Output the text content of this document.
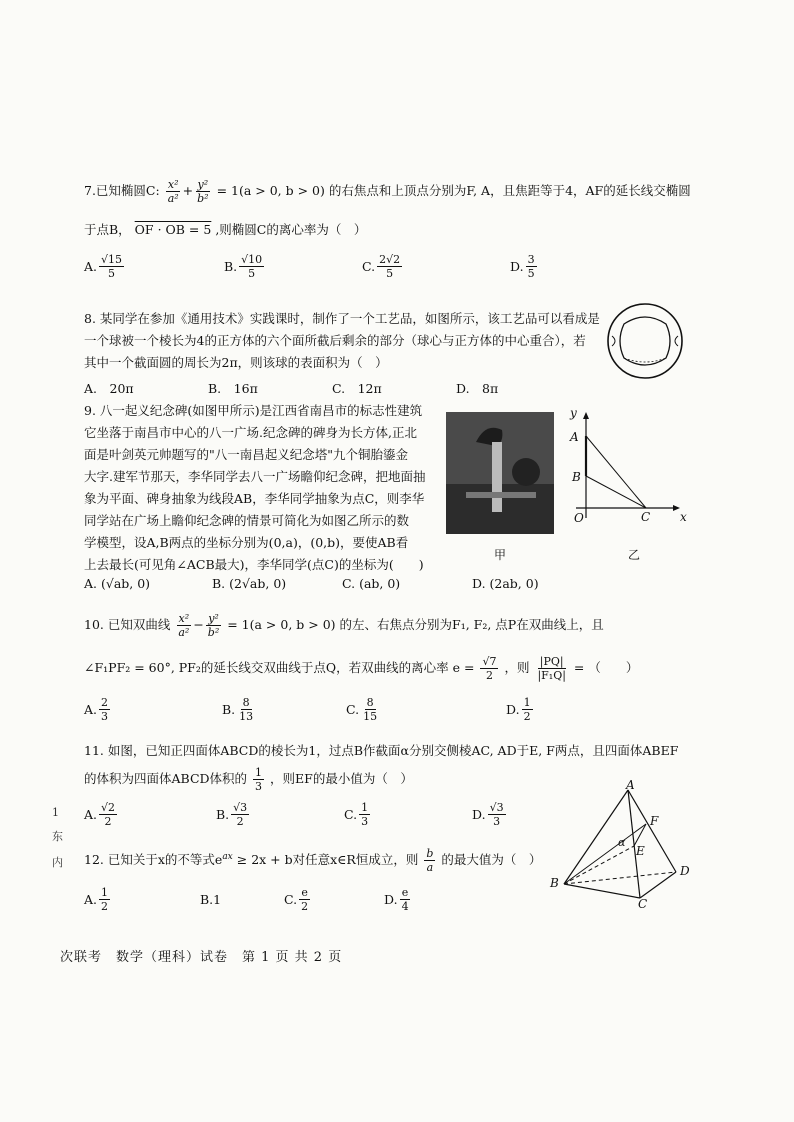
7.已知椭圆C: $\frac{\text{x²}}{\text{a²}} + \frac{\text{y²}}{\text{b²}} = 1(a > 0$, b > 0) 的右焦点和上顶点分别为F, A，且焦距等于4，AF的延长线交椭圆
于点B， OF · OB = 5 ,则椭圆C的离心率为（　）
A. $\frac{√15}{5}$	B. $\frac{√10}{5}$	C. $\frac{2√2}{5}$	D. $\frac{3}{5}$
8. 某同学在参加《通用技术》实践课时，制作了一个工艺品，如图所示，该工艺品可以看成是
一个球被一个棱长为4的正方体的六个面所截后剩余的部分（球心与正方体的中心重合），若
其中一个截面圆的周长为2π，则该球的表面积为（　）
A.　20π	B.　16π	C.　12π	D.　8π
9. 八一起义纪念碑(如图甲所示)是江西省南昌市的标志性建筑
它坐落于南昌市中心的八一广场.纪念碑的碑身为长方体,正北
面是叶剑英元帅题写的"八一南昌起义纪念塔"九个铜胎鎏金
大字.建军节那天，李华同学去八一广场瞻仰纪念碑，把地面抽
象为平面、碑身抽象为线段AB，李华同学抽象为点C，则李华
同学站在广场上瞻仰纪念碑的情景可简化为如图乙所示的数
学模型，设A,B两点的坐标分别为(0,a)，(0,b)，要使AB看
上去最长(可见角∠ACB最大)，李华同学(点C)的坐标为(　　)
A. (√ab, 0)	B. (2√ab, 0)	C. (ab, 0)	D. (2ab, 0)
甲
y
A
B
O	C x
乙
10. 已知双曲线 $\frac{\text{x²}}{\text{a²}} - \frac{\text{y²}}{\text{b²}} = 1(a > 0$, b > 0) 的左、右焦点分别为F₁, F₂, 点P在双曲线上，且
∠F₁PF₂ = 60°, PF₂的延长线交双曲线于点Q，若双曲线的离心率 $e = \frac{√7}{2}$ ，则 $\frac{|PQ|}{\text{|F₁Q|}}$ = （　　）
A. $\frac{2}{3}$	B. $\frac{8}{13}$	C. $\frac{8}{15}$	D. $\frac{1}{2}$
11. 如图，已知正四面体ABCD的棱长为1，过点B作截面α分别交侧棱AC, AD于E, F两点，且四面体ABEF
的体积为四面体ABCD体积的 $\frac{1}{3}$ ，则EF的最小值为（　）
A. $\frac{√2}{2}$	B. $\frac{√3}{2}$	C. $\frac{1}{3}$	D. $\frac{√3}{3}$
A
B
C
D
E
F
α
12. 已知关于x的不等式$e^{ax} \ge 2x + b$对任意x∈R恒成立，则 $\frac{b}{a}$ 的最大值为（　）
A. $\frac{1}{2}$	B. 1	C. $\frac{e}{2}$	D. $\frac{e}{4}$
1
东
内
次联考　数学（理科）试卷　第 1 页 共 2 页
